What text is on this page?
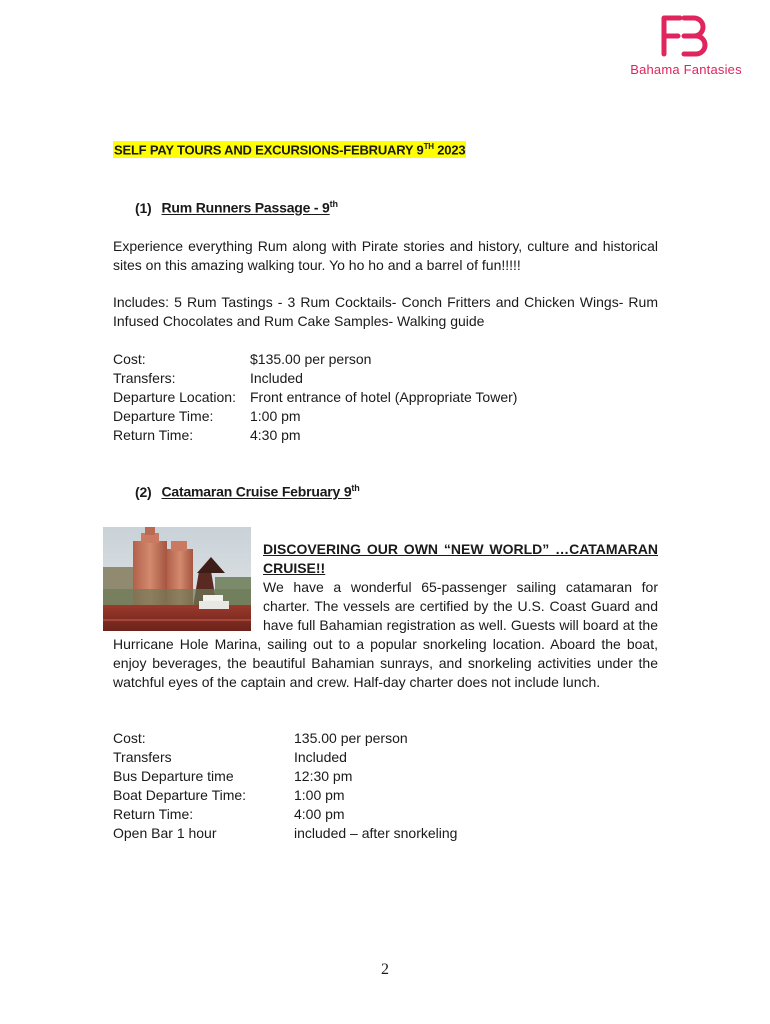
Bahama Fantasies
SELF PAY TOURS AND EXCURSIONS-FEBRUARY 9TH 2023
(1) Rum Runners Passage - 9th
Experience everything Rum along with Pirate stories and history, culture and historical sites on this amazing walking tour. Yo ho ho and a barrel of fun!!!!!
Includes: 5 Rum Tastings - 3 Rum Cocktails- Conch Fritters and Chicken Wings- Rum Infused Chocolates and Rum Cake Samples- Walking guide
Cost:	$135.00 per person
Transfers:	Included
Departure Location:	Front entrance of hotel (Appropriate Tower)
Departure Time:	1:00 pm
Return Time:	4:30 pm
(2) Catamaran Cruise February 9th
DISCOVERING OUR OWN “NEW WORLD” …CATAMARAN CRUISE!!
We have a wonderful 65-passenger sailing catamaran for charter. The vessels are certified by the U.S. Coast Guard and have full Bahamian registration as well. Guests will board at the Hurricane Hole Marina, sailing out to a popular snorkeling location. Aboard the boat, enjoy beverages, the beautiful Bahamian sunrays, and snorkeling activities under the watchful eyes of the captain and crew. Half-day charter does not include lunch.
Cost:	135.00 per person
Transfers	Included
Bus Departure time	12:30 pm
Boat Departure Time:	1:00 pm
Return Time:	4:00 pm
Open Bar 1 hour	included – after snorkeling
2
